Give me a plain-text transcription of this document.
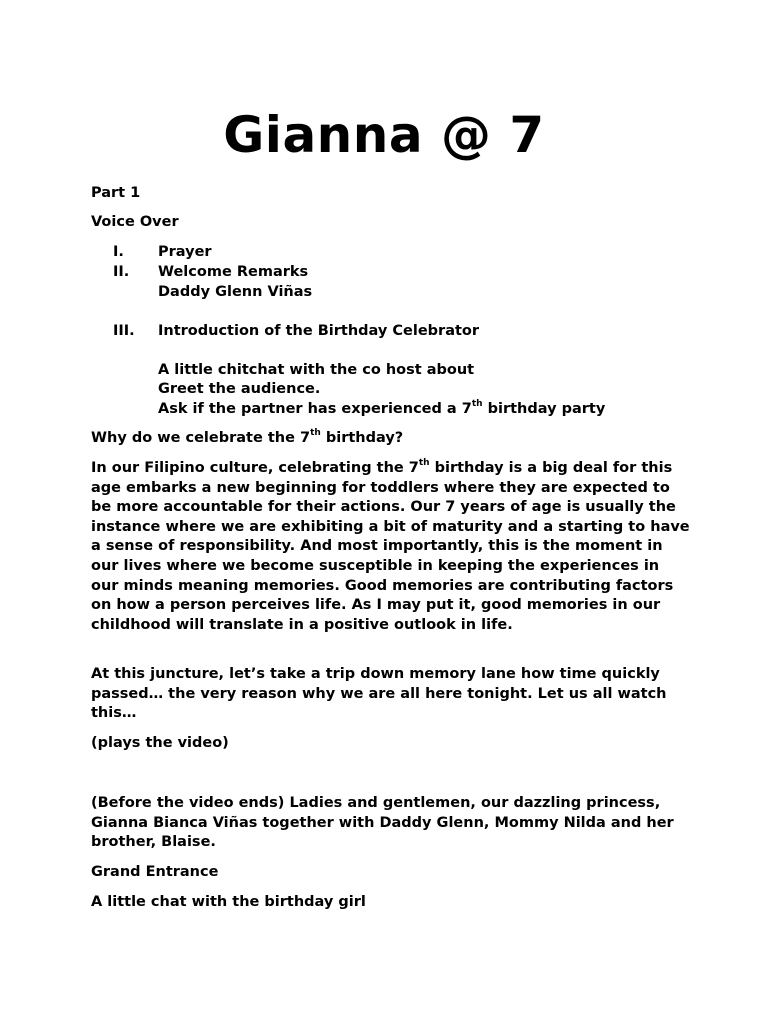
Gianna @ 7

Part 1

Voice Over

I. Prayer

II. Welcome Remarks

Daddy Glenn Viñas

III. Introduction of the Birthday Celebrator

A little chitchat with the co host about

Greet the audience.

Ask if the partner has experienced a 7th birthday party

Why do we celebrate the 7th birthday?

In our Filipino culture, celebrating the 7th birthday is a big deal for this age embarks a new beginning for toddlers where they are expected to be more accountable for their actions. Our 7 years of age is usually the instance where we are exhibiting a bit of maturity and a starting to have a sense of responsibility. And most importantly, this is the moment in our lives where we become susceptible in keeping the experiences in our minds meaning memories. Good memories are contributing factors on how a person perceives life. As I may put it, good memories in our childhood will translate in a positive outlook in life.

At this juncture, let’s take a trip down memory lane how time quickly passed… the very reason why we are all here tonight. Let us all watch this…

(plays the video)

(Before the video ends) Ladies and gentlemen, our dazzling princess, Gianna Bianca Viñas together with Daddy Glenn, Mommy Nilda and her brother, Blaise.

Grand Entrance

A little chat with the birthday girl
